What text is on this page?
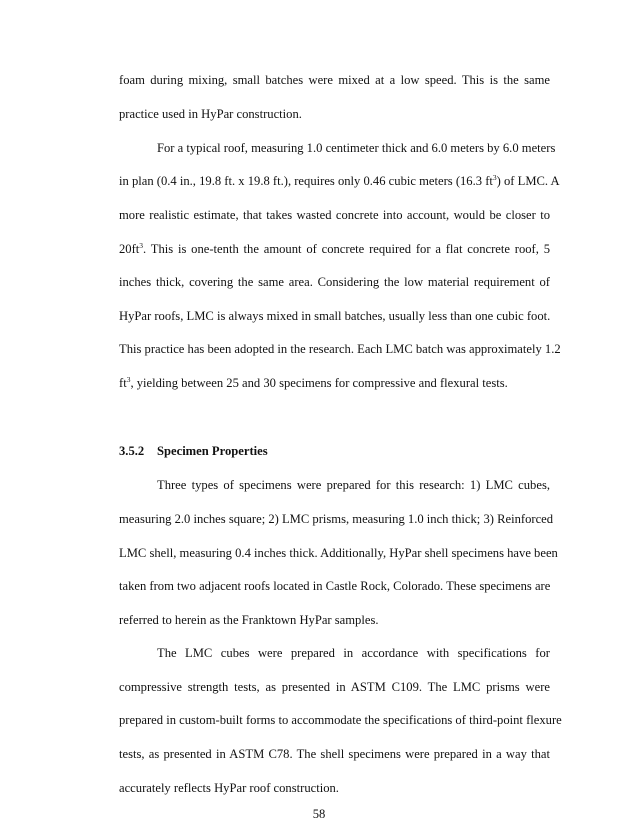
foam during mixing, small batches were mixed at a low speed. This is the same
practice used in HyPar construction.
For a typical roof, measuring 1.0 centimeter thick and 6.0 meters by 6.0 meters
in plan (0.4 in., 19.8 ft. x 19.8 ft.), requires only 0.46 cubic meters (16.3 $ft^3$) of LMC. A
more realistic estimate, that takes wasted concrete into account, would be closer to
$20ft^3$. This is one-tenth the amount of concrete required for a flat concrete roof, 5
inches thick, covering the same area. Considering the low material requirement of
HyPar roofs, LMC is always mixed in small batches, usually less than one cubic foot.
This practice has been adopted in the research. Each LMC batch was approximately 1.2
$ft^3$, yielding between 25 and 30 specimens for compressive and flexural tests.
3.5.2 Specimen Properties
Three types of specimens were prepared for this research: 1) LMC cubes,
measuring 2.0 inches square; 2) LMC prisms, measuring 1.0 inch thick; 3) Reinforced
LMC shell, measuring 0.4 inches thick. Additionally, HyPar shell specimens have been
taken from two adjacent roofs located in Castle Rock, Colorado. These specimens are
referred to herein as the Franktown HyPar samples.
The LMC cubes were prepared in accordance with specifications for
compressive strength tests, as presented in ASTM C109. The LMC prisms were
prepared in custom-built forms to accommodate the specifications of third-point flexure
tests, as presented in ASTM C78. The shell specimens were prepared in a way that
accurately reflects HyPar roof construction.
58
